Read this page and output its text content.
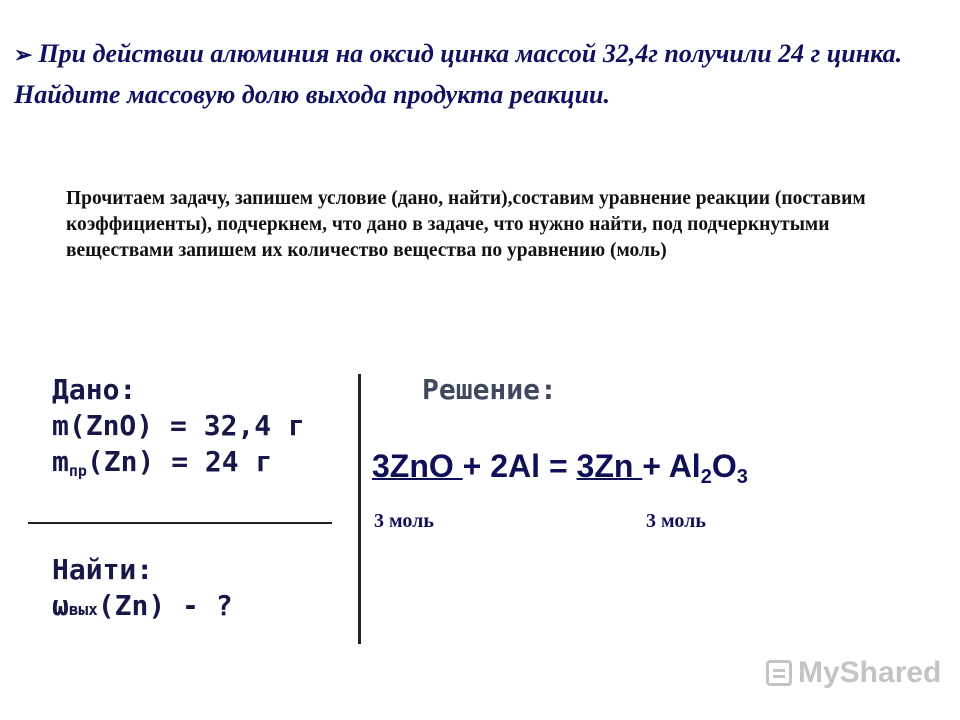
➢ При действии алюминия на оксид цинка массой 32,4г получили 24 г цинка. Найдите массовую долю выхода продукта реакции.
Прочитаем задачу, запишем условие (дано, найти),составим уравнение реакции (поставим коэффициенты), подчеркнем, что дано в задаче, что нужно найти, под подчеркнутыми веществами запишем их количество вещества по уравнению (моль)
Дано:
m(ZnO) = 32,4 г
$m_{пр}(Zn) = 24$ г
Найти:
ωвых(Zn) - ?
Решение:
$3ZnO + 2Al = 3Zn + Al_2O_3$
3 моль	3 моль
MyShared
